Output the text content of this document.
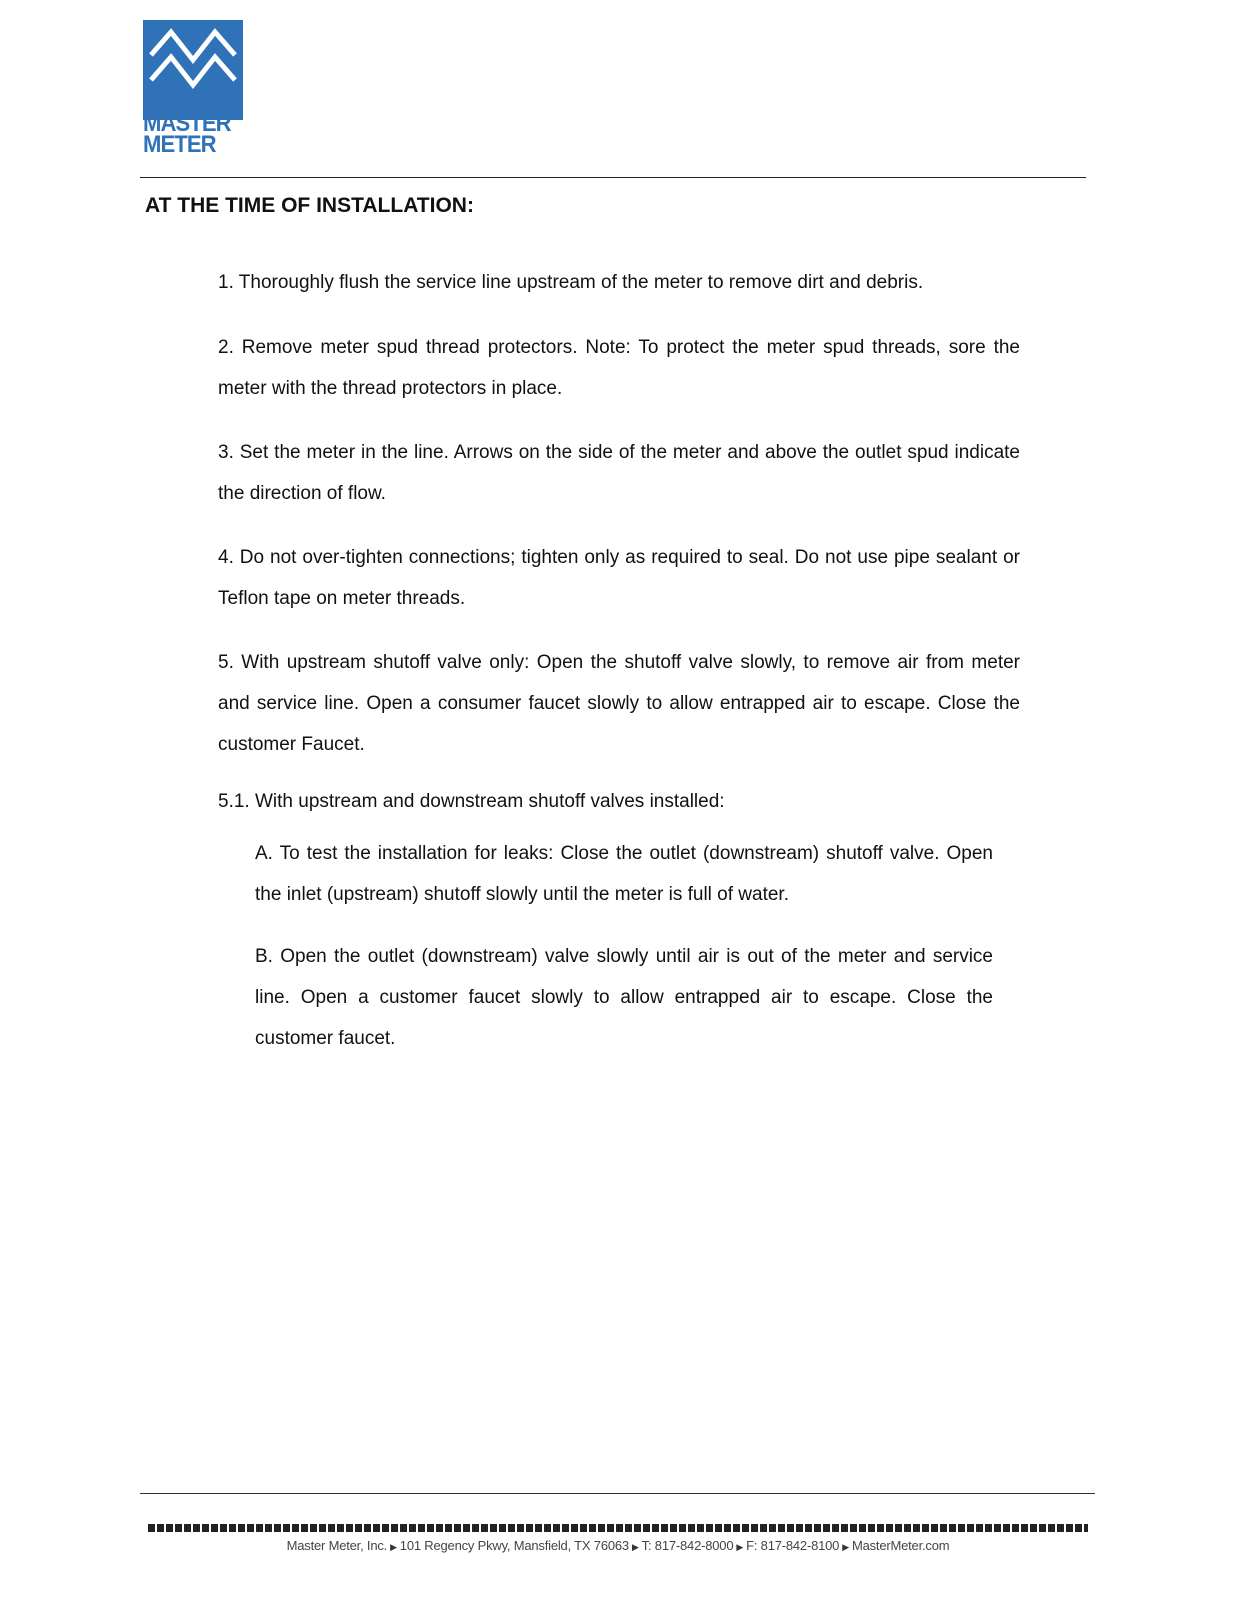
MASTER
METER
®
AT THE TIME OF INSTALLATION:

1. Thoroughly flush the service line upstream of the meter to remove dirt and debris.

2. Remove meter spud thread protectors. Note: To protect the meter spud threads, sore the meter with the thread protectors in place.

3. Set the meter in the line. Arrows on the side of the meter and above the outlet spud indicate the direction of flow.

4. Do not over-tighten connections; tighten only as required to seal. Do not use pipe sealant or Teflon tape on meter threads.

5. With upstream shutoff valve only: Open the shutoff valve slowly, to remove air from meter and service line. Open a consumer faucet slowly to allow entrapped air to escape. Close the customer Faucet.

5.1. With upstream and downstream shutoff valves installed:

A. To test the installation for leaks: Close the outlet (downstream) shutoff valve. Open the inlet (upstream) shutoff slowly until the meter is full of water.

B. Open the outlet (downstream) valve slowly until air is out of the meter and service line. Open a customer faucet slowly to allow entrapped air to escape. Close the customer faucet.

Master Meter, Inc. ▶ 101 Regency Pkwy, Mansfield, TX 76063 ▶ T: 817-842-8000 ▶ F: 817-842-8100 ▶ MasterMeter.com
